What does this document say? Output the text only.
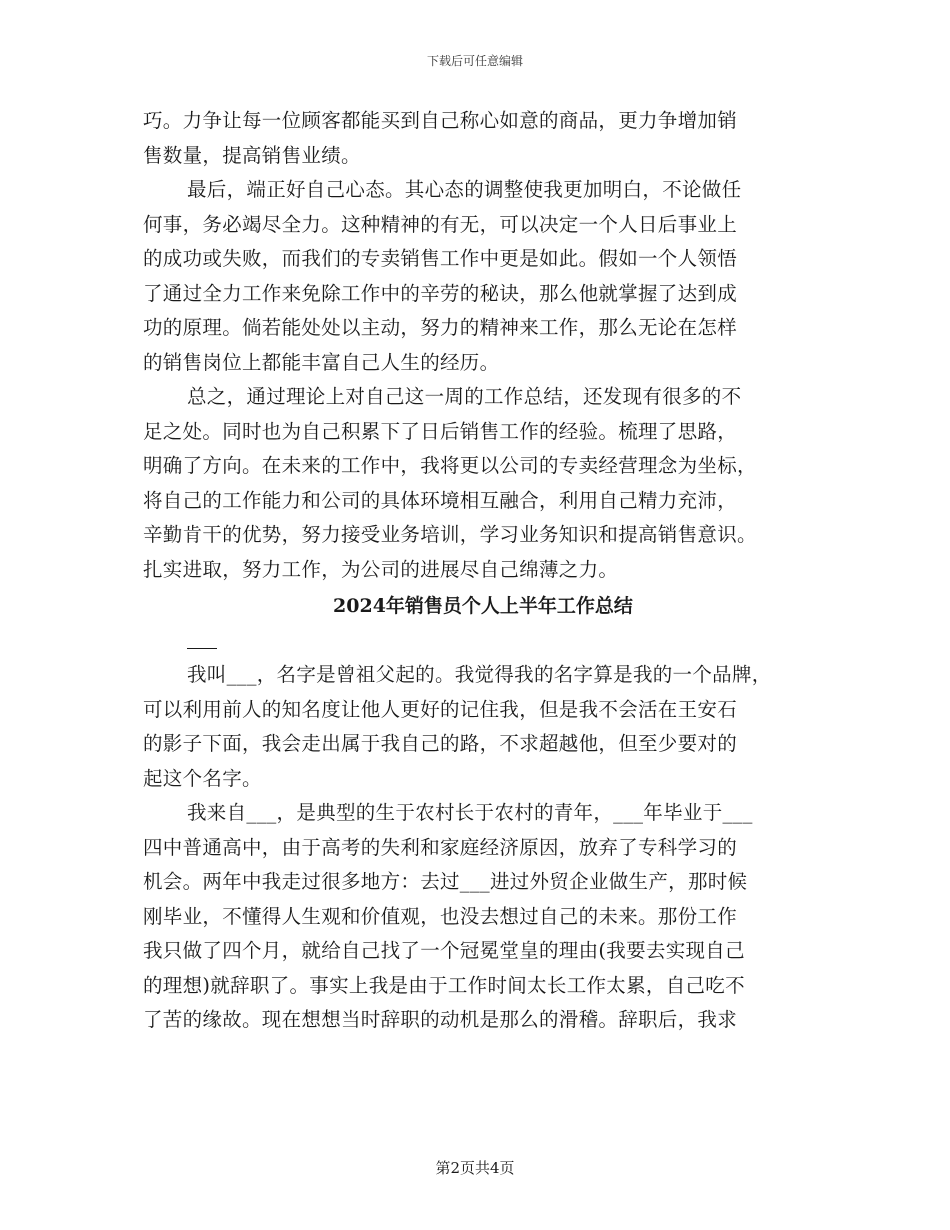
下载后可任意编辑
巧。力争让每一位顾客都能买到自己称心如意的商品，更力争增加销
售数量，提高销售业绩。
最后，端正好自己心态。其心态的调整使我更加明白，不论做任
何事，务必竭尽全力。这种精神的有无，可以决定一个人日后事业上
的成功或失败，而我们的专卖销售工作中更是如此。假如一个人领悟
了通过全力工作来免除工作中的辛劳的秘诀，那么他就掌握了达到成
功的原理。倘若能处处以主动，努力的精神来工作，那么无论在怎样
的销售岗位上都能丰富自己人生的经历。
总之，通过理论上对自己这一周的工作总结，还发现有很多的不
足之处。同时也为自己积累下了日后销售工作的经验。梳理了思路，
明确了方向。在未来的工作中，我将更以公司的专卖经营理念为坐标，
将自己的工作能力和公司的具体环境相互融合，利用自己精力充沛，
辛勤肯干的优势，努力接受业务培训，学习业务知识和提高销售意识。
扎实进取，努力工作，为公司的进展尽自己绵薄之力。
2024年销售员个人上半年工作总结
我叫___，名字是曾祖父起的。我觉得我的名字算是我的一个品牌，
可以利用前人的知名度让他人更好的记住我，但是我不会活在王安石
的影子下面，我会走出属于我自己的路，不求超越他，但至少要对的
起这个名字。
我来自___，是典型的生于农村长于农村的青年，___年毕业于___
四中普通高中，由于高考的失利和家庭经济原因，放弃了专科学习的
机会。两年中我走过很多地方：去过___进过外贸企业做生产，那时候
刚毕业，不懂得人生观和价值观，也没去想过自己的未来。那份工作
我只做了四个月，就给自己找了一个冠冕堂皇的理由(我要去实现自己
的理想)就辞职了。事实上我是由于工作时间太长工作太累，自己吃不
了苦的缘故。现在想想当时辞职的动机是那么的滑稽。辞职后，我求
第2页共4页
